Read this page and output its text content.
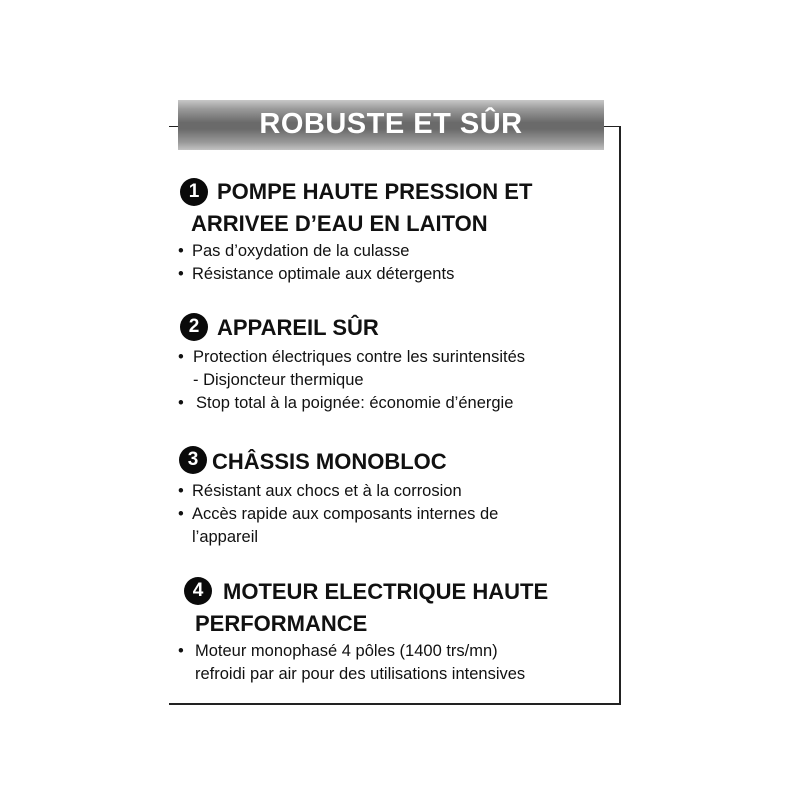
ROBUSTE ET SÛR
1 POMPE HAUTE PRESSION ET
ARRIVEE D’EAU EN LAITON
• Pas d’oxydation de la culasse
• Résistance optimale aux détergents
2 APPAREIL SÛR
• Protection électriques contre les surintensités
- Disjoncteur thermique
• Stop total à la poignée: économie d’énergie
3 CHÂSSIS MONOBLOC
• Résistant aux chocs et à la corrosion
• Accès rapide aux composants internes de
l’appareil
4 MOTEUR ELECTRIQUE HAUTE
PERFORMANCE
• Moteur monophasé 4 pôles (1400 trs/mn)
refroidi par air pour des utilisations intensives
